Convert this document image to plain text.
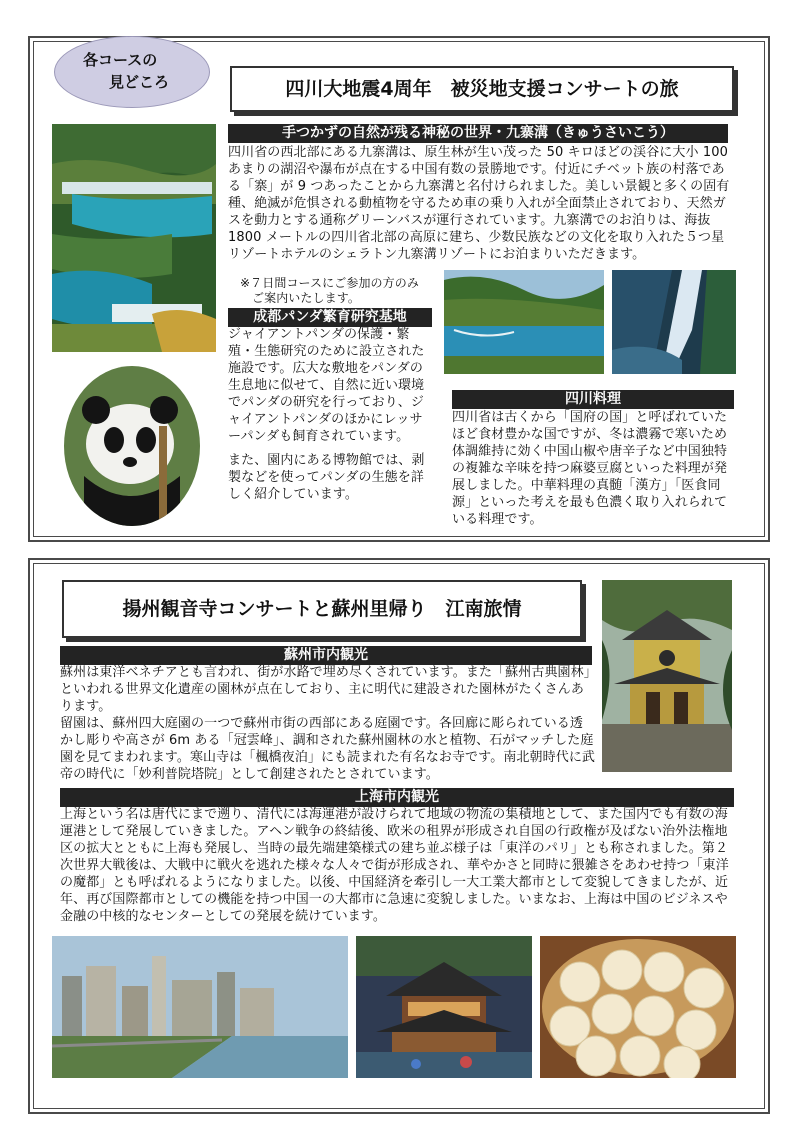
各コースの
見どころ	四川大地震4周年　被災地支援コンサートの旅
手つかずの自然が残る神秘の世界・九寨溝（きゅうさいこう）

四川省の西北部にある九寨溝は、原生林が生い茂った 50 キロほどの渓谷に大小 100 あまりの湖沼や瀑布が点在する中国有数の景勝地です。付近にチベット族の村落である「寨」が 9 つあったことから九寨溝と名付けられました。美しい景観と多くの固有種、絶滅が危惧される動植物を守るため車の乗り入れが全面禁止されており、天然ガスを動力とする通称グリーンバスが運行されています。九寨溝でのお泊りは、海抜 1800 メートルの四川省北部の高原に建ち、少数民族などの文化を取り入れた５つ星リゾートホテルのシェラトン九寨溝リゾートにお泊まりいただきます。

※７日間コースにご参加の方のみ

ご案内いたします。

成都パンダ繁育研究基地

ジャイアントパンダの保護・繁殖・生態研究のために設立された施設です。広大な敷地をパンダの生息地に似せて、自然に近い環境でパンダの研究を行っており、ジャイアントパンダのほかにレッサーパンダも飼育されています。

また、園内にある博物館では、剥製などを使ってパンダの生態を詳しく紹介しています。

四川料理

四川省は古くから「国府の国」と呼ばれていたほど食材豊かな国ですが、冬は濃霧で寒いため体調維持に効く中国山椒や唐辛子など中国独特の複雑な辛味を持つ麻婆豆腐といった料理が発展しました。中華料理の真髄「漢方」「医食同源」といった考えを最も色濃く取り入れられている料理です。

揚州観音寺コンサートと蘇州里帰り　江南旅情
蘇州市内観光

蘇州は東洋ベネチアとも言われ、街が水路で埋め尽くされています。また「蘇州古典園林」といわれる世界文化遺産の園林が点在しており、主に明代に建設された園林がたくさんあります。

留園は、蘇州四大庭園の一つで蘇州市街の西部にある庭園です。各回廊に彫られている透かし彫りや高さが 6m ある「冠雲峰」、調和された蘇州園林の水と植物、石がマッチした庭園を見てまわれます。寒山寺は「楓橋夜泊」にも読まれた有名なお寺です。南北朝時代に武帝の時代に「妙利普院塔院」として創建されたとされています。

上海市内観光

上海という名は唐代にまで遡り、清代には海運港が設けられて地域の物流の集積地として、また国内でも有数の海運港として発展していきました。アヘン戦争の終結後、欧米の租界が形成され自国の行政権が及ばない治外法権地区の拡大とともに上海も発展し、当時の最先端建築様式の建ち並ぶ様子は「東洋のパリ」とも称されました。第２次世界大戦後は、大戦中に戦火を逃れた様々な人々で街が形成され、華やかさと同時に猥雑さをあわせ持つ「東洋の魔都」とも呼ばれるようになりました。以後、中国経済を牽引し一大工業大都市として変貌してきましたが、近年、再び国際都市としての機能を持つ中国一の大都市に急速に変貌しました。いまなお、上海は中国のビジネスや金融の中核的なセンターとしての発展を続けています。
